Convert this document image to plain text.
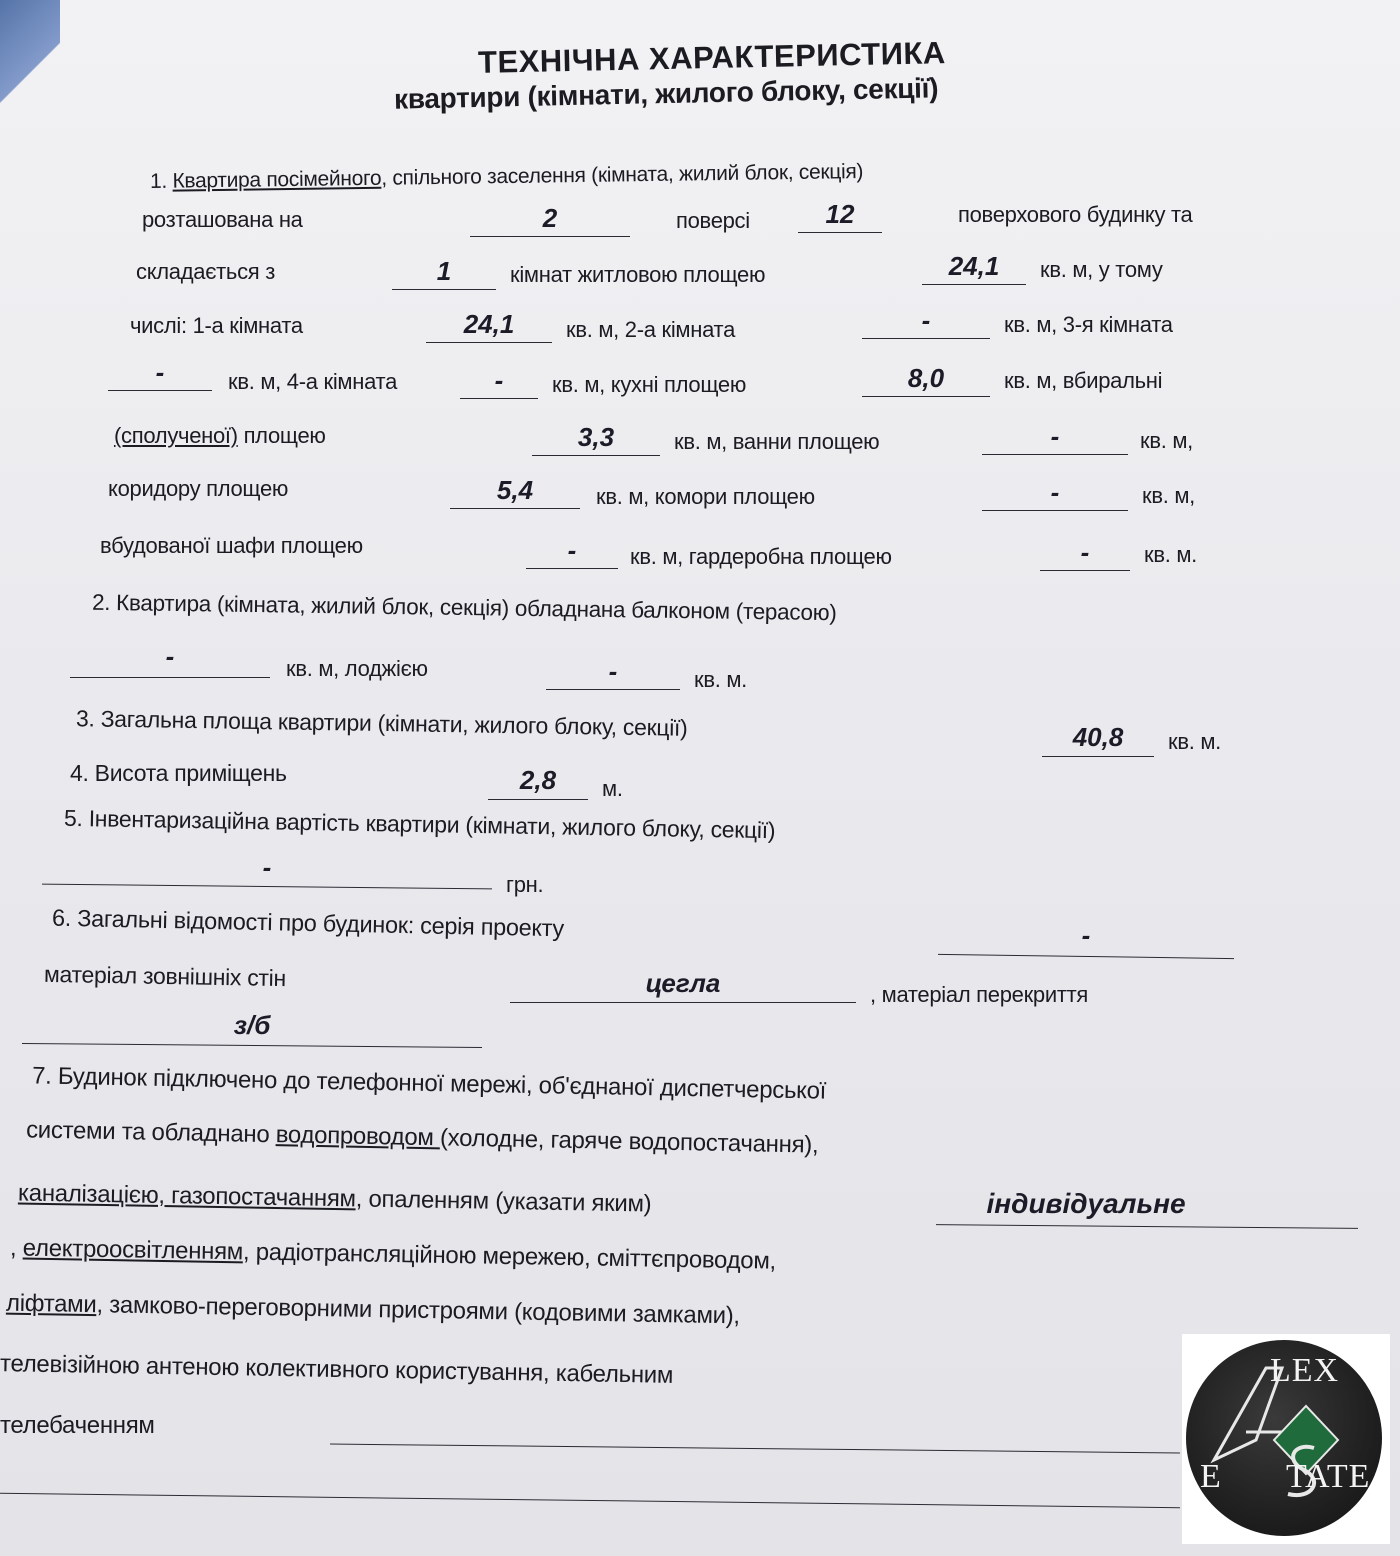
ТЕХНІЧНА ХАРАКТЕРИСТИКА
квартири (кімнати, жилого блоку, секції)
1. Квартира посімейного, спільного заселення (кімната, жилий блок, секція)
розташована на	2	поверсі	12	поверхового будинку та
складається з	1	кімнат житловою площею	24,1	кв. м, у тому
числі: 1-а кімната	24,1	кв. м, 2-а кімната	-	кв. м, 3-я кімната
-	кв. м, 4-а кімната	-	кв. м, кухні площею	8,0	кв. м, вбиральні
(сполученої) площею	3,3	кв. м, ванни площею	-	кв. м,
коридору площею	5,4	кв. м, комори площею	-	кв. м,
вбудованої шафи площею	-	кв. м, гардеробна площею	-	кв. м.
2. Квартира (кімната, жилий блок, секція) обладнана балконом (терасою)
-	кв. м, лоджією	-	кв. м.
3. Загальна площа квартири (кімнати, жилого блоку, секції)	40,8	кв. м.
4. Висота приміщень	2,8	м.
5. Інвентаризаційна вартість квартири (кімнати, жилого блоку, секції)
-
грн.
6. Загальні відомості про будинок: серія проекту	-
матеріал зовнішніх стін	цегла	, матеріал перекриття
з/б
7. Будинок підключено до телефонної мережі, об'єднаної диспетчерської
системи та обладнано водопроводом (холодне, гаряче водопостачання),
каналізацією, газопостачанням, опаленням (указати яким)	індивідуальне
, електроосвітленням, радіотрансляційною мережею, сміттєпроводом,
ліфтами, замково-переговорними пристроями (кодовими замками),
телевізійною антеною колективного користування, кабельним
телебаченням
LEX
E TATE
